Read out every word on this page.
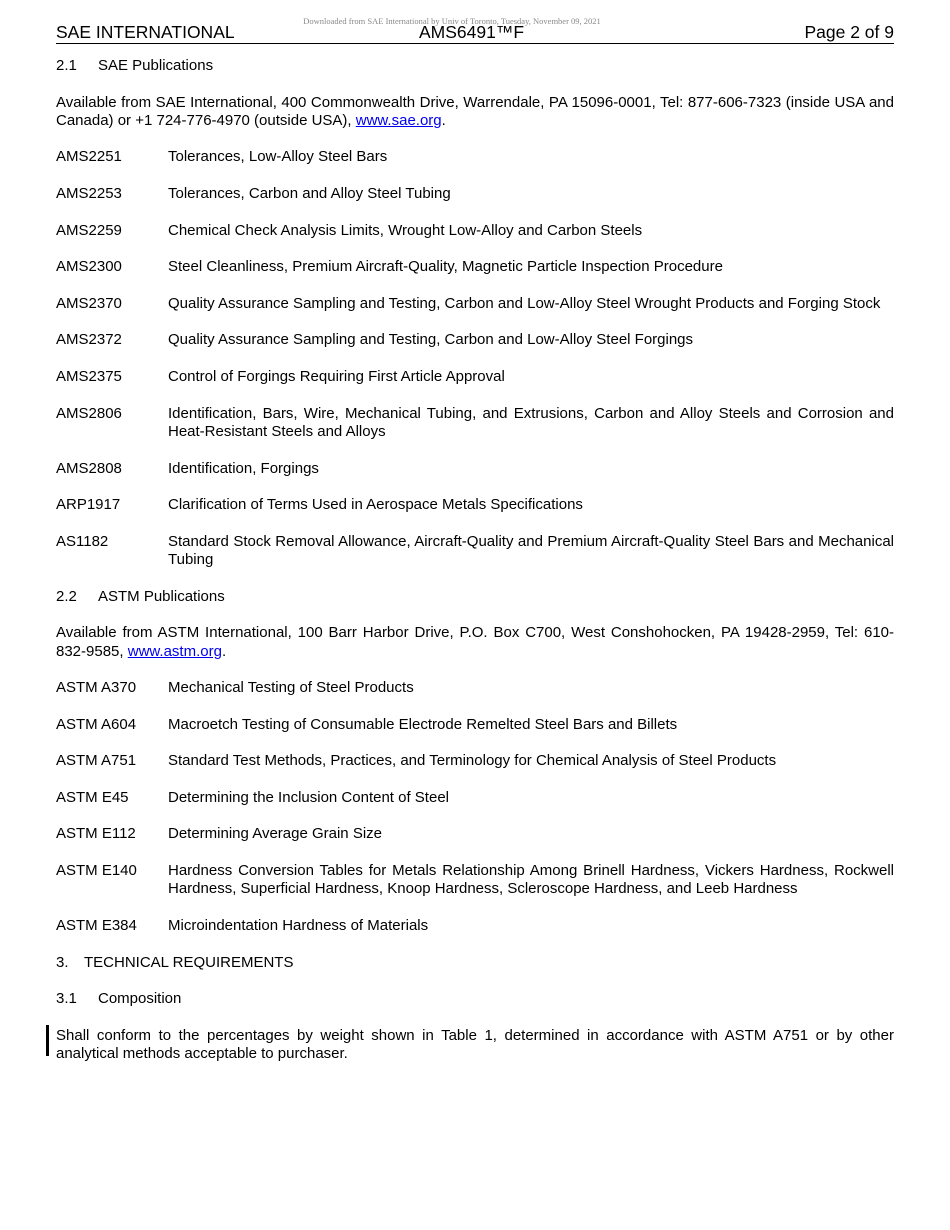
Downloaded from SAE International by Univ of Toronto, Tuesday, November 09, 2021
SAE INTERNATIONAL	AMS6491™F	Page 2 of 9
2.1	SAE Publications
Available from SAE International, 400 Commonwealth Drive, Warrendale, PA 15096-0001, Tel: 877-606-7323 (inside USA and Canada) or +1 724-776-4970 (outside USA), www.sae.org.
AMS2251	Tolerances, Low-Alloy Steel Bars
AMS2253	Tolerances, Carbon and Alloy Steel Tubing
AMS2259	Chemical Check Analysis Limits, Wrought Low-Alloy and Carbon Steels
AMS2300	Steel Cleanliness, Premium Aircraft-Quality, Magnetic Particle Inspection Procedure
AMS2370	Quality Assurance Sampling and Testing, Carbon and Low-Alloy Steel Wrought Products and Forging Stock
AMS2372	Quality Assurance Sampling and Testing, Carbon and Low-Alloy Steel Forgings
AMS2375	Control of Forgings Requiring First Article Approval
AMS2806	Identification, Bars, Wire, Mechanical Tubing, and Extrusions, Carbon and Alloy Steels and Corrosion and Heat-Resistant Steels and Alloys
AMS2808	Identification, Forgings
ARP1917	Clarification of Terms Used in Aerospace Metals Specifications
AS1182	Standard Stock Removal Allowance, Aircraft-Quality and Premium Aircraft-Quality Steel Bars and Mechanical Tubing
2.2	ASTM Publications
Available from ASTM International, 100 Barr Harbor Drive, P.O. Box C700, West Conshohocken, PA 19428-2959, Tel: 610-832-9585, www.astm.org.
ASTM A370	Mechanical Testing of Steel Products
ASTM A604	Macroetch Testing of Consumable Electrode Remelted Steel Bars and Billets
ASTM A751	Standard Test Methods, Practices, and Terminology for Chemical Analysis of Steel Products
ASTM E45	Determining the Inclusion Content of Steel
ASTM E112	Determining Average Grain Size
ASTM E140	Hardness Conversion Tables for Metals Relationship Among Brinell Hardness, Vickers Hardness, Rockwell Hardness, Superficial Hardness, Knoop Hardness, Scleroscope Hardness, and Leeb Hardness
ASTM E384	Microindentation Hardness of Materials
3.	TECHNICAL REQUIREMENTS
3.1	Composition
Shall conform to the percentages by weight shown in Table 1, determined in accordance with ASTM A751 or by other analytical methods acceptable to purchaser.
